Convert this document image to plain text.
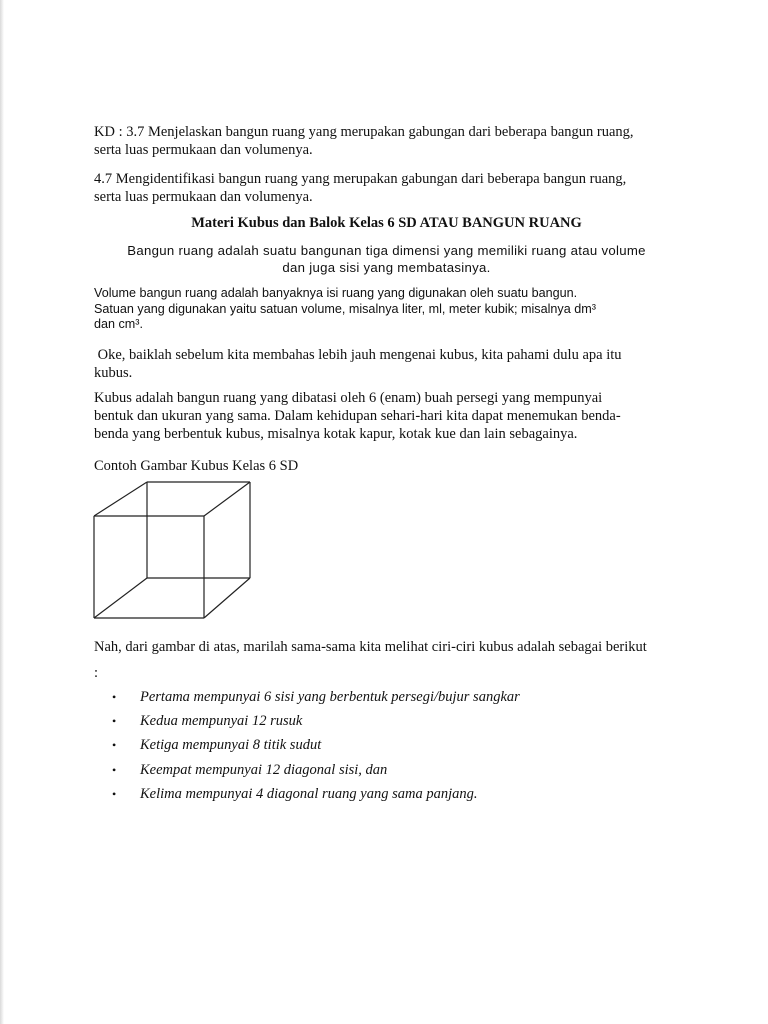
KD : 3.7 Menjelaskan bangun ruang yang merupakan gabungan dari beberapa bangun ruang,
serta luas permukaan dan volumenya.

4.7 Mengidentifikasi bangun ruang yang merupakan gabungan dari beberapa bangun ruang,
serta luas permukaan dan volumenya.

Materi Kubus dan Balok Kelas 6 SD ATAU BANGUN RUANG

Bangun ruang adalah suatu bangunan tiga dimensi yang memiliki ruang atau volume
dan juga sisi yang membatasinya.

Volume bangun ruang adalah banyaknya isi ruang yang digunakan oleh suatu bangun.
Satuan yang digunakan yaitu satuan volume, misalnya liter, ml, meter kubik; misalnya dm³
dan cm³.

Oke, baiklah sebelum kita membahas lebih jauh mengenai kubus, kita pahami dulu apa itu
kubus.

Kubus adalah bangun ruang yang dibatasi oleh 6 (enam) buah persegi yang mempunyai
bentuk dan ukuran yang sama. Dalam kehidupan sehari-hari kita dapat menemukan benda-
benda yang berbentuk kubus, misalnya kotak kapur, kotak kue dan lain sebagainya.

Contoh Gambar Kubus Kelas 6 SD

Nah, dari gambar di atas, marilah sama-sama kita melihat ciri-ciri kubus adalah sebagai berikut

:

• Pertama mempunyai 6 sisi yang berbentuk persegi/bujur sangkar
• Kedua mempunyai 12 rusuk
• Ketiga mempunyai 8 titik sudut
• Keempat mempunyai 12 diagonal sisi, dan
• Kelima mempunyai 4 diagonal ruang yang sama panjang.
